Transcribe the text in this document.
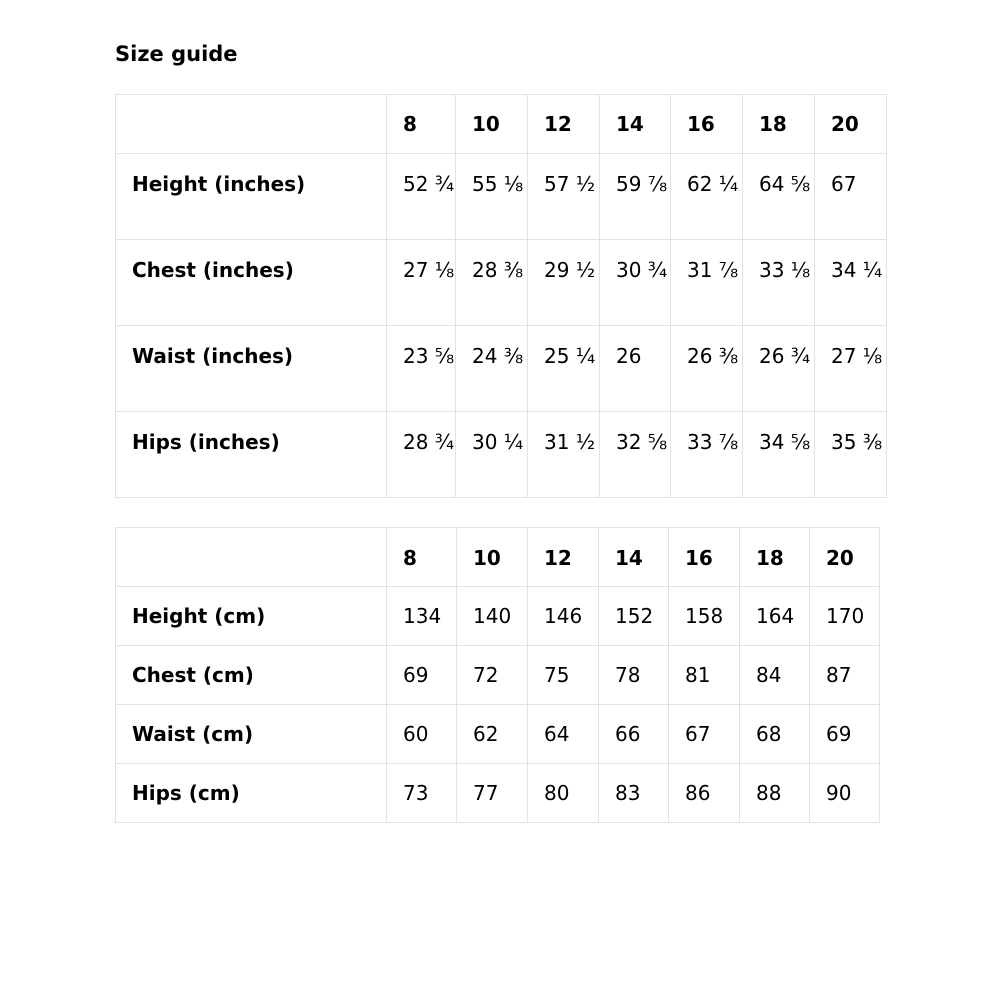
Size guide
	8	10	12	14	16	18	20
Height (inches)	52 ¾	55 ⅛	57 ½	59 ⅞	62 ¼	64 ⅝	67
Chest (inches)	27 ⅛	28 ⅜	29 ½	30 ¾	31 ⅞	33 ⅛	34 ¼
Waist (inches)	23 ⅝	24 ⅜	25 ¼	26	26 ⅜	26 ¾	27 ⅛
Hips (inches)	28 ¾	30 ¼	31 ½	32 ⅝	33 ⅞	34 ⅝	35 ⅜
	8	10	12	14	16	18	20
Height (cm)	134	140	146	152	158	164	170
Chest (cm)	69	72	75	78	81	84	87
Waist (cm)	60	62	64	66	67	68	69
Hips (cm)	73	77	80	83	86	88	90
